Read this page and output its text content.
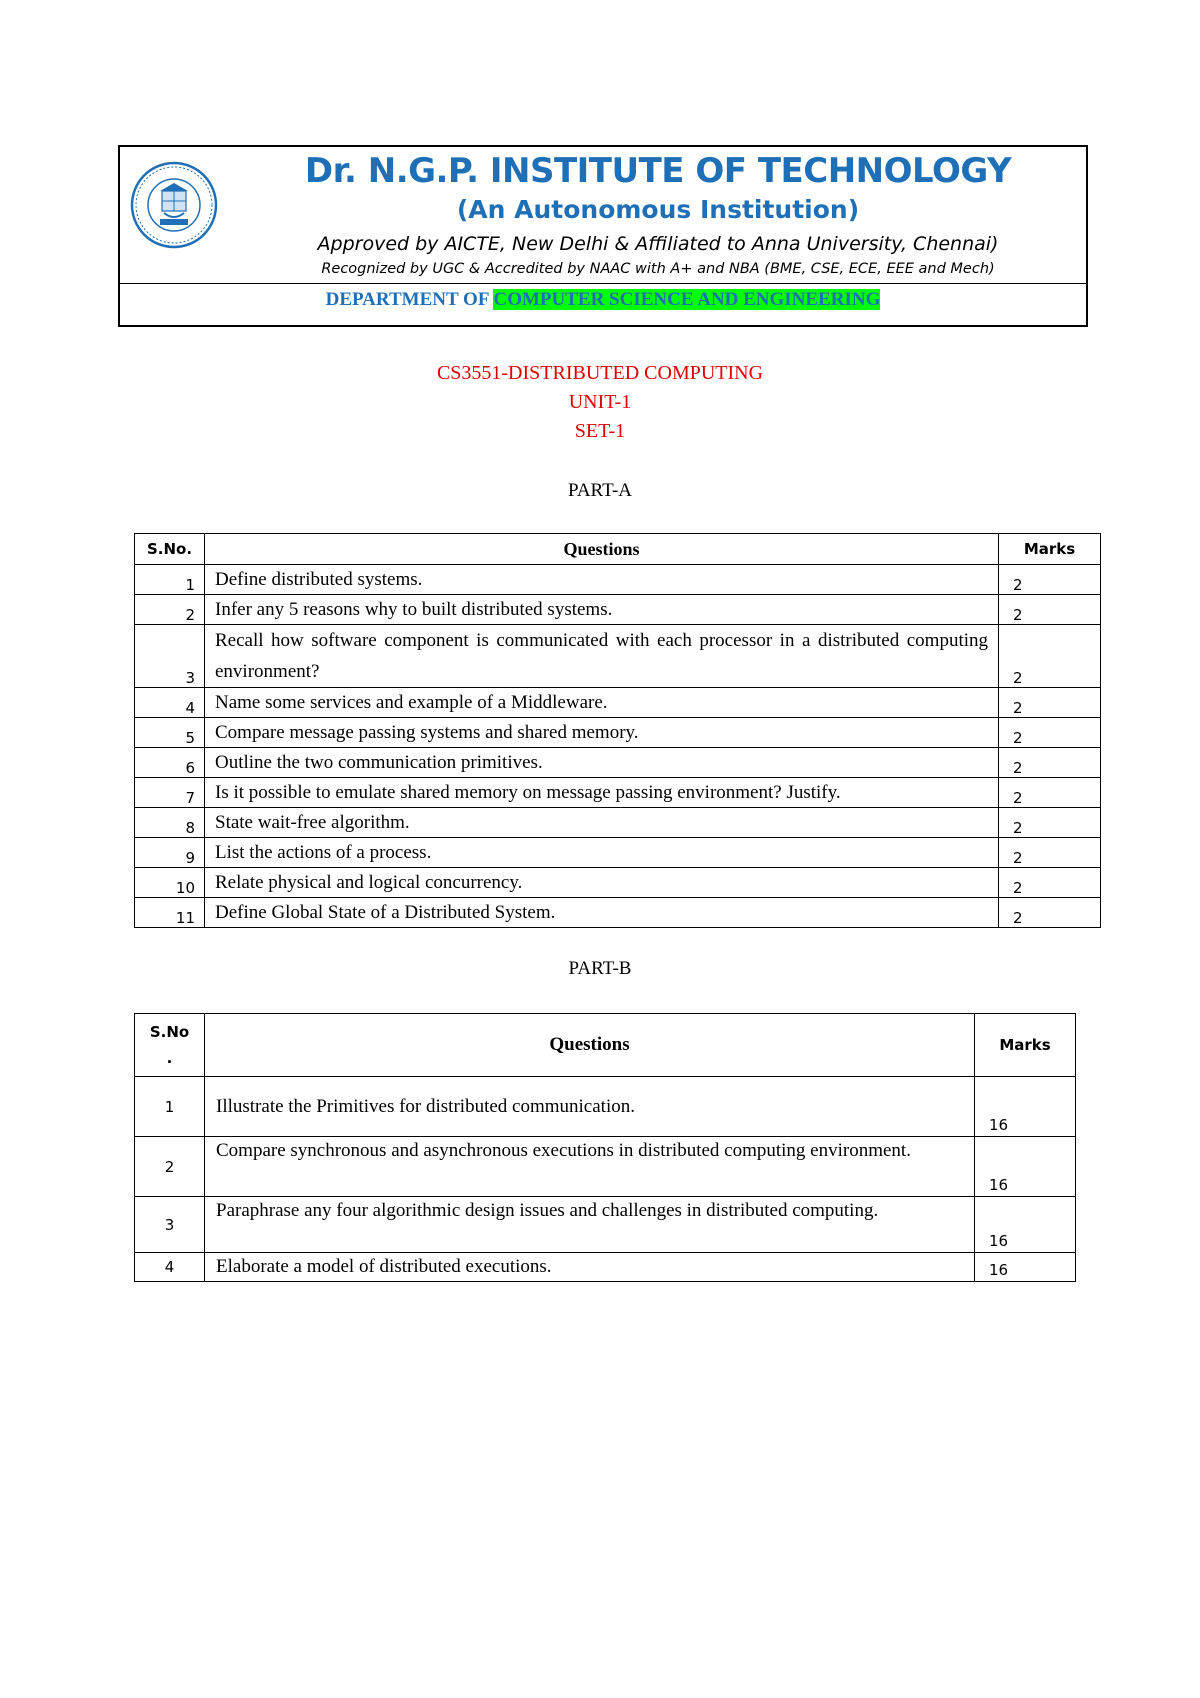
Dr. N.G.P. INSTITUTE OF TECHNOLOGY
(An Autonomous Institution)
Approved by AICTE, New Delhi & Affiliated to Anna University, Chennai)
Recognized by UGC & Accredited by NAAC with A+ and NBA (BME, CSE, ECE, EEE and Mech)
DEPARTMENT OF COMPUTER SCIENCE AND ENGINEERING
CS3551-DISTRIBUTED COMPUTING
UNIT-1
SET-1
PART-A
S.No.	Questions	Marks
1	Define distributed systems.	2
2	Infer any 5 reasons why to built distributed systems.	2
3	Recall how software component is communicated with each processor in a distributed computing environment?	2
4	Name some services and example of a Middleware.	2
5	Compare message passing systems and shared memory.	2
6	Outline the two communication primitives.	2
7	Is it possible to emulate shared memory on message passing environment? Justify.	2
8	State wait-free algorithm.	2
9	List the actions of a process.	2
10	Relate physical and logical concurrency.	2
11	Define Global State of a Distributed System.	2
PART-B
S.No
.	Questions	Marks
1	Illustrate the Primitives for distributed communication.	16
2	Compare synchronous and asynchronous executions in distributed computing environment.	16
3	Paraphrase any four algorithmic design issues and challenges in distributed computing.	16
4	Elaborate a model of distributed executions.	16
